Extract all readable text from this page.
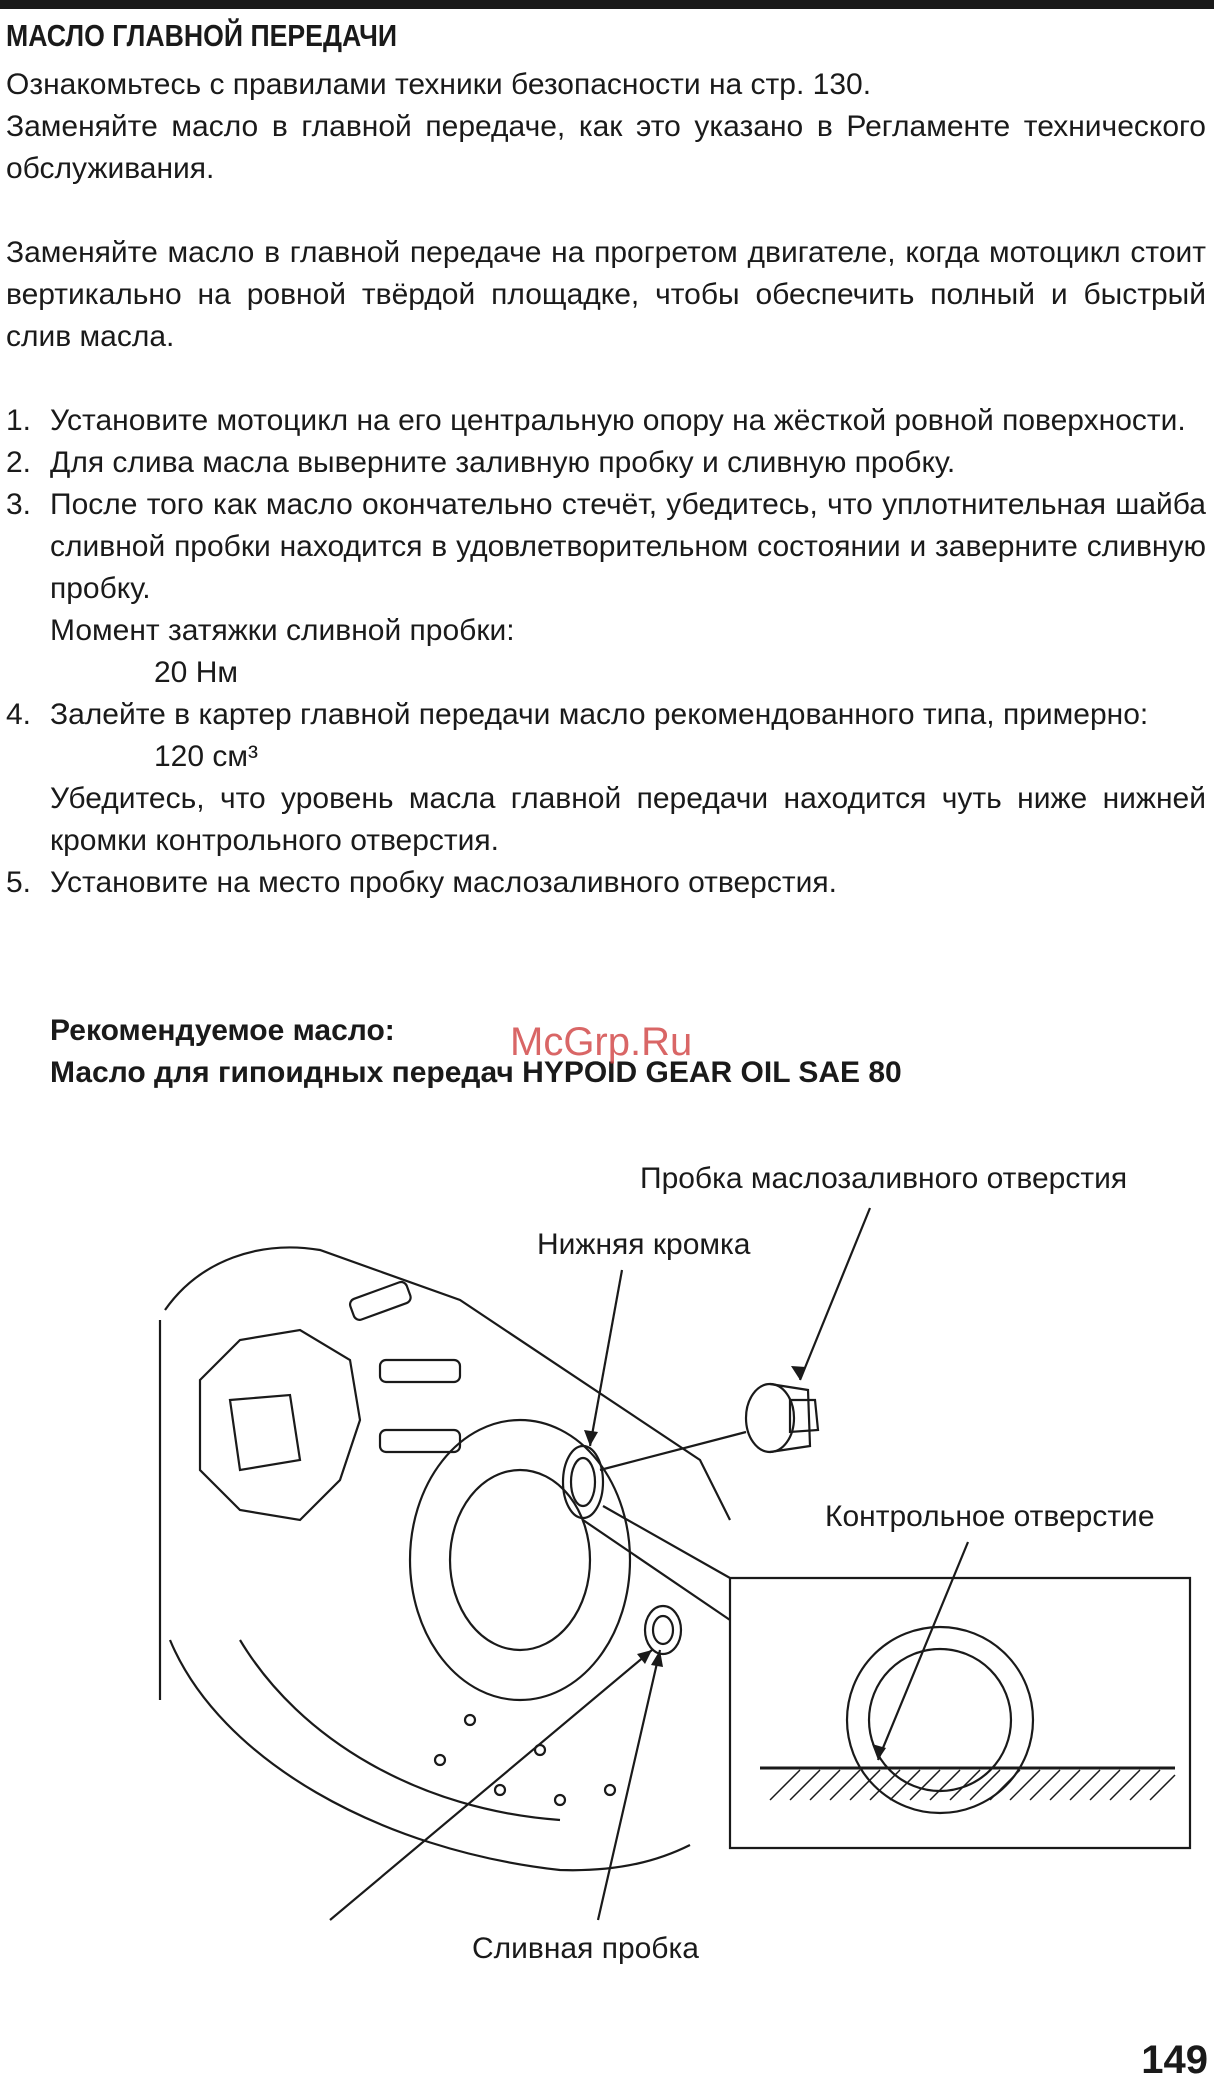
МАСЛО ГЛАВНОЙ ПЕРЕДАЧИ

Ознакомьтесь с правилами техники безопасности на стр. 130.

Заменяйте масло в главной передаче, как это указано в Регламенте технического обслуживания.

Заменяйте масло в главной передаче на прогретом двигателе, когда мотоцикл стоит вертикально на ровной твёрдой площадке, чтобы обеспечить полный и быстрый слив масла.

1. Установите мотоцикл на его центральную опору на жёсткой ровной поверхности.
2. Для слива масла выверните заливную пробку и сливную пробку.
3. После того как масло окончательно стечёт, убедитесь, что уплотнительная шайба сливной пробки находится в удовлетворительном состоянии и заверните сливную пробку.
Момент затяжки сливной пробки:
20 Нм
4. Залейте в картер главной передачи масло рекомендованного типа, примерно:
120 см³
Убедитесь, что уровень масла главной передачи находится чуть ниже нижней кромки контрольного отверстия.
5. Установите на место пробку маслозаливного отверстия.
Рекомендуемое масло:
Масло для гипоидных передач HYPOID GEAR OIL SAE 80
McGrp.Ru
Пробка маслозаливного отверстия
Нижняя кромка
Контрольное отверстие
Сливная пробка
149
